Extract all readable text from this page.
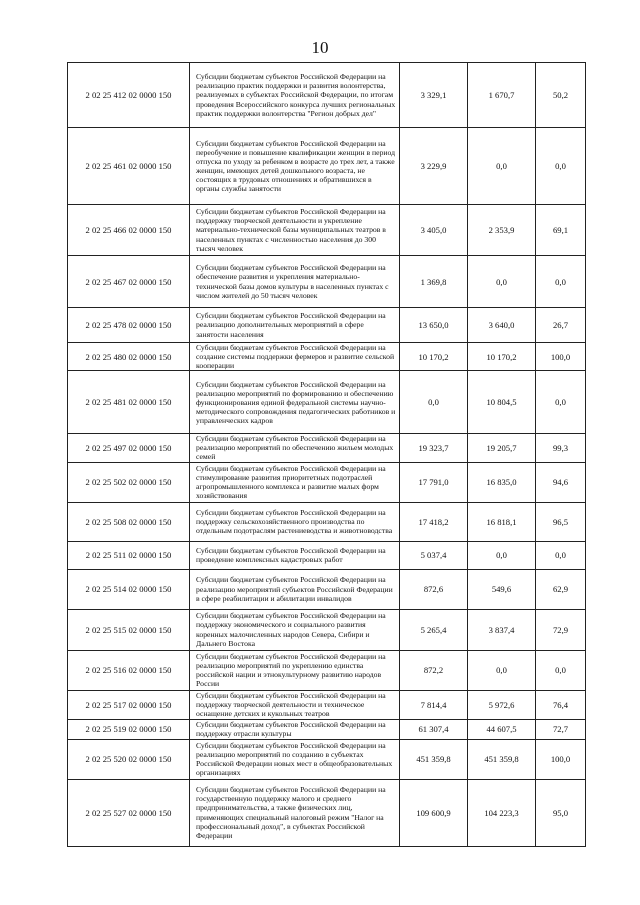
10
2 02 25 412 02 0000 150	Субсидии бюджетам субъектов Российской Федерации на реализацию практик поддержки и развития волонтерства, реализуемых в субъектах Российской Федерации, по итогам проведения Всероссийского конкурса лучших региональных практик поддержки волонтерства "Регион добрых дел"	3 329,1	1 670,7	50,2
2 02 25 461 02 0000 150	Субсидии бюджетам субъектов Российской Федерации на переобучение и повышение квалификации женщин в период отпуска по уходу за ребенком в возрасте до трех лет, а также женщин, имеющих детей дошкольного возраста, не состоящих в трудовых отношениях и обратившихся в органы службы занятости	3 229,9	0,0	0,0
2 02 25 466 02 0000 150	Субсидии бюджетам субъектов Российской Федерации на поддержку творческой деятельности и укрепление материально-технической базы муниципальных театров в населенных пунктах с численностью населения до 300 тысяч человек	3 405,0	2 353,9	69,1
2 02 25 467 02 0000 150	Субсидии бюджетам субъектов Российской Федерации на обеспечение развития и укрепления материально-технической базы домов культуры в населенных пунктах с числом жителей до 50 тысяч человек	1 369,8	0,0	0,0
2 02 25 478 02 0000 150	Субсидии бюджетам субъектов Российской Федерации на реализацию дополнительных мероприятий в сфере занятости населения	13 650,0	3 640,0	26,7
2 02 25 480 02 0000 150	Субсидии бюджетам субъектов Российской Федерации на создание системы поддержки фермеров и развитие сельской кооперации	10 170,2	10 170,2	100,0
2 02 25 481 02 0000 150	Субсидии бюджетам субъектов Российской Федерации на реализацию мероприятий по формированию и обеспечению функционирования единой федеральной системы научно-методического сопровождения педагогических работников и управленческих кадров	0,0	10 804,5	0,0
2 02 25 497 02 0000 150	Субсидии бюджетам субъектов Российской Федерации на реализацию мероприятий по обеспечению жильем молодых семей	19 323,7	19 205,7	99,3
2 02 25 502 02 0000 150	Субсидии бюджетам субъектов Российской Федерации на стимулирование развития приоритетных подотраслей агропромышленного комплекса и развитие малых форм хозяйствования	17 791,0	16 835,0	94,6
2 02 25 508 02 0000 150	Субсидии бюджетам субъектов Российской Федерации на поддержку сельскохозяйственного производства по отдельным подотраслям растениеводства и животноводства	17 418,2	16 818,1	96,5
2 02 25 511 02 0000 150	Субсидии бюджетам субъектов Российской Федерации на проведение комплексных кадастровых работ	5 037,4	0,0	0,0
2 02 25 514 02 0000 150	Субсидии бюджетам субъектов Российской Федерации на реализацию мероприятий субъектов Российской Федерации в сфере реабилитации и абилитации инвалидов	872,6	549,6	62,9
2 02 25 515 02 0000 150	Субсидии бюджетам субъектов Российской Федерации на поддержку экономического и социального развития коренных малочисленных народов Севера, Сибири и Дальнего Востока	5 265,4	3 837,4	72,9
2 02 25 516 02 0000 150	Субсидии бюджетам субъектов Российской Федерации на реализацию мероприятий по укреплению единства российской нации и этнокультурному развитию народов России	872,2	0,0	0,0
2 02 25 517 02 0000 150	Субсидии бюджетам субъектов Российской Федерации на поддержку творческой деятельности и техническое оснащение детских и кукольных театров	7 814,4	5 972,6	76,4
2 02 25 519 02 0000 150	Субсидии бюджетам субъектов Российской Федерации на поддержку отрасли культуры	61 307,4	44 607,5	72,7
2 02 25 520 02 0000 150	Субсидии бюджетам субъектов Российской Федерации на реализацию мероприятий по созданию в субъектах Российской Федерации новых мест в общеобразовательных организациях	451 359,8	451 359,8	100,0
2 02 25 527 02 0000 150	Субсидии бюджетам субъектов Российской Федерации на государственную поддержку малого и среднего предпринимательства, а также физических лиц, применяющих специальный налоговый режим "Налог на профессиональный доход", в субъектах Российской Федерации	109 600,9	104 223,3	95,0
